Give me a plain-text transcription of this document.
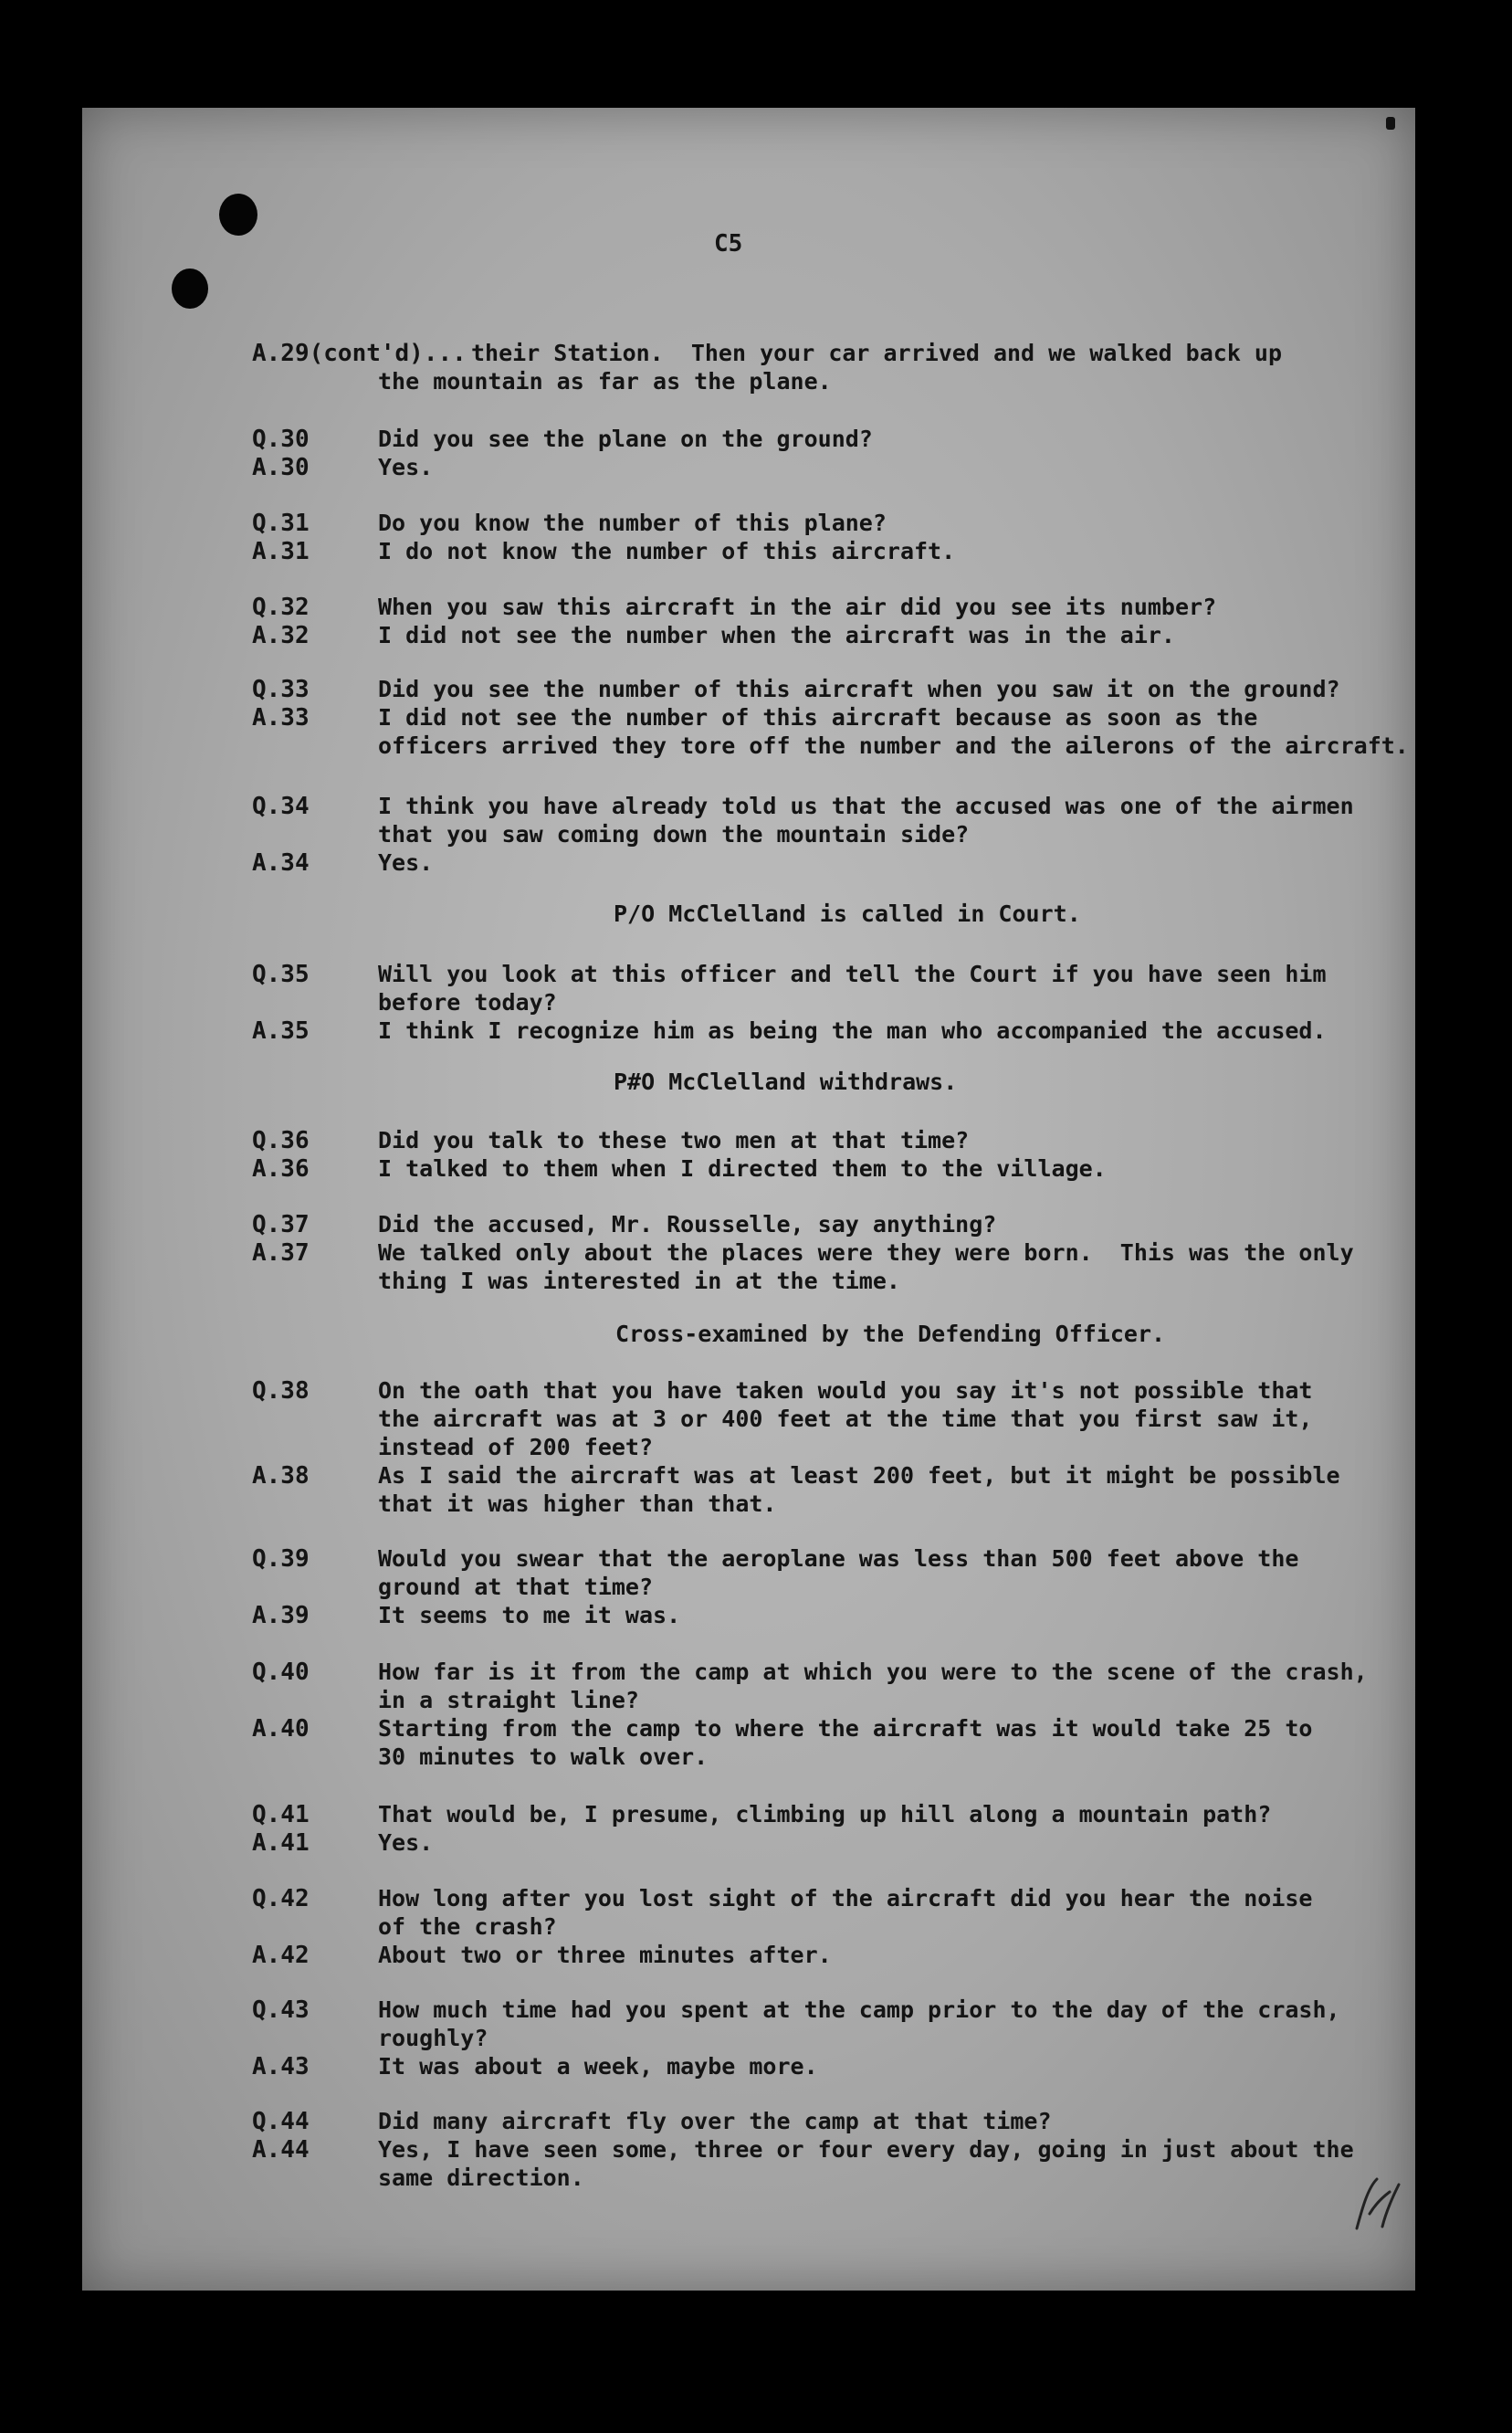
C5
A.29(cont'd)... their Station.  Then your car arrived and we walked back up
the mountain as far as the plane.
Q.30	Did you see the plane on the ground?
A.30	Yes.
Q.31	Do you know the number of this plane?
A.31	I do not know the number of this aircraft.
Q.32	When you saw this aircraft in the air did you see its number?
A.32	I did not see the number when the aircraft was in the air.
Q.33	Did you see the number of this aircraft when you saw it on the ground?
A.33	I did not see the number of this aircraft because as soon as the
officers arrived they tore off the number and the ailerons of the aircraft.
Q.34	I think you have already told us that the accused was one of the airmen
that you saw coming down the mountain side?
A.34	Yes.
P/O McClelland is called in Court.
Q.35	Will you look at this officer and tell the Court if you have seen him
before today?
A.35	I think I recognize him as being the man who accompanied the accused.
P#O McClelland withdraws.
Q.36	Did you talk to these two men at that time?
A.36	I talked to them when I directed them to the village.
Q.37	Did the accused, Mr. Rousselle, say anything?
A.37	We talked only about the places were they were born.  This was the only
thing I was interested in at the time.
Cross-examined by the Defending Officer.
Q.38	On the oath that you have taken would you say it's not possible that
the aircraft was at 3 or 400 feet at the time that you first saw it,
instead of 200 feet?
A.38	As I said the aircraft was at least 200 feet, but it might be possible
that it was higher than that.
Q.39	Would you swear that the aeroplane was less than 500 feet above the
ground at that time?
A.39	It seems to me it was.
Q.40	How far is it from the camp at which you were to the scene of the crash,
in a straight line?
A.40	Starting from the camp to where the aircraft was it would take 25 to
30 minutes to walk over.
Q.41	That would be, I presume, climbing up hill along a mountain path?
A.41	Yes.
Q.42	How long after you lost sight of the aircraft did you hear the noise
of the crash?
A.42	About two or three minutes after.
Q.43	How much time had you spent at the camp prior to the day of the crash,
roughly?
A.43	It was about a week, maybe more.
Q.44	Did many aircraft fly over the camp at that time?
A.44	Yes, I have seen some, three or four every day, going in just about the
same direction.
